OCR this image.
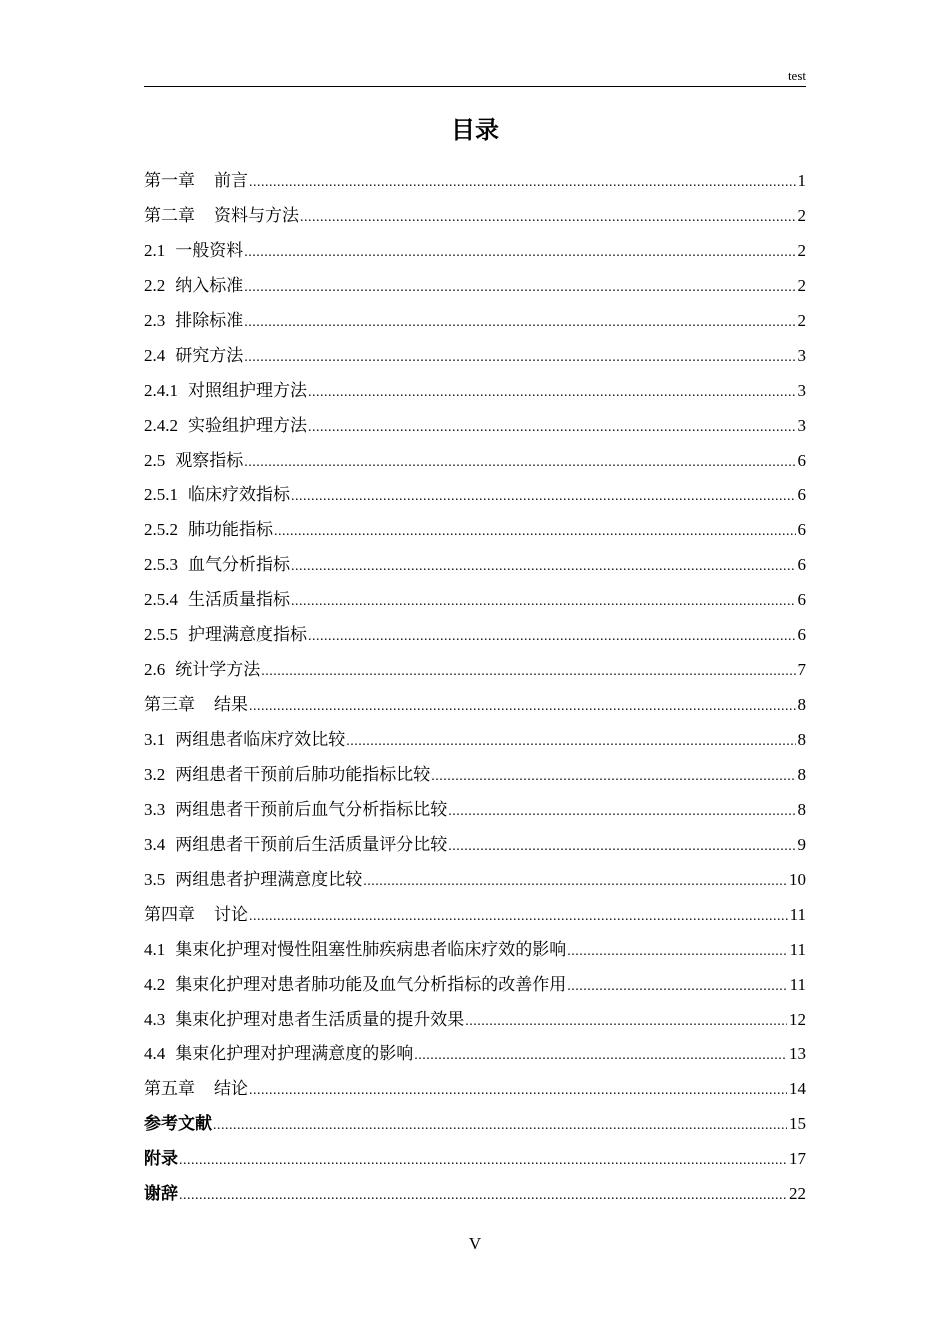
test
目录
第一章 前言 .....	1
第二章 资料与方法 .....	2
2.1 一般资料 .....	2
2.2 纳入标准 .....	2
2.3 排除标准 .....	2
2.4 研究方法 .....	3
2.4.1 对照组护理方法 .....	3
2.4.2 实验组护理方法 .....	3
2.5 观察指标 .....	6
2.5.1 临床疗效指标 .....	6
2.5.2 肺功能指标 .....	6
2.5.3 血气分析指标 .....	6
2.5.4 生活质量指标 .....	6
2.5.5 护理满意度指标 .....	6
2.6 统计学方法 .....	7
第三章 结果 .....	8
3.1 两组患者临床疗效比较 .....	8
3.2 两组患者干预前后肺功能指标比较 .....	8
3.3 两组患者干预前后血气分析指标比较 .....	8
3.4 两组患者干预前后生活质量评分比较 .....	9
3.5 两组患者护理满意度比较 .....	10
第四章 讨论 .....	11
4.1 集束化护理对慢性阻塞性肺疾病患者临床疗效的影响 .....	11
4.2 集束化护理对患者肺功能及血气分析指标的改善作用 .....	11
4.3 集束化护理对患者生活质量的提升效果 .....	12
4.4 集束化护理对护理满意度的影响 .....	13
第五章 结论 .....	14
参考文献 .....	15
附录 .....	17
谢辞 .....	22
V
